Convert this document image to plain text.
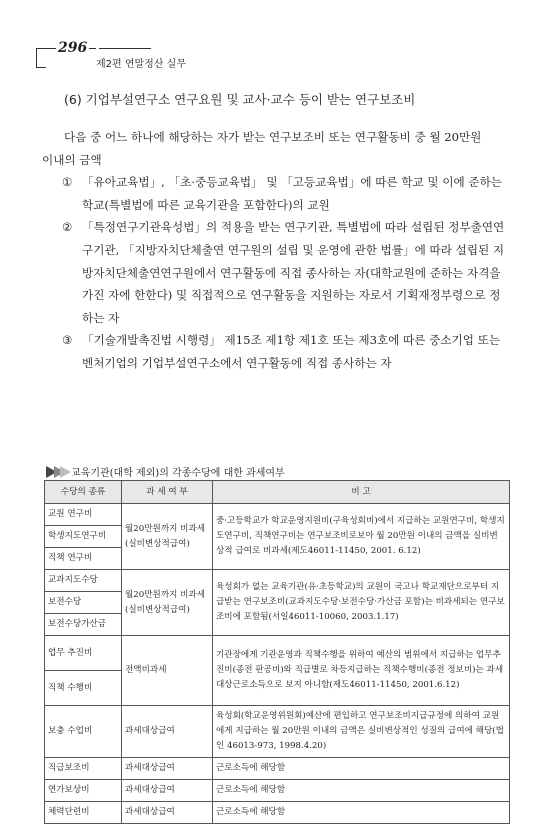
296
제2편 연말정산 실무
(6) 기업부설연구소 연구요원 및 교사·교수 등이 받는 연구보조비

다음 중 어느 하나에 해당하는 자가 받는 연구보조비 또는 연구활동비 중 월 20만원

이내의 금액

① 「유아교육법」, 「초·중등교육법」 및 「고등교육법」에 따른 학교 및 이에 준하는 학교(특별법에 따른 교육기관을 포함한다)의 교원
② 「특정연구기관육성법」의 적용을 받는 연구기관, 특별법에 따라 설립된 정부출연연구기관, 「지방자치단체출연 연구원의 설립 및 운영에 관한 법률」에 따라 설립된 지방자치단체출연연구원에서 연구활동에 직접 종사하는 자(대학교원에 준하는 자격을 가진 자에 한한다) 및 직접적으로 연구활동을 지원하는 자로서 기획재정부령으로 정하는 자
③ 「기술개발촉진법 시행령」 제15조 제1항 제1호 또는 제3호에 따른 중소기업 또는 벤처기업의 기업부설연구소에서 연구활동에 직접 종사하는 자
교육기관(대학 제외)의 각종수당에 대한 과세여부
수당의 종류	과 세 여 부	비 고
교원 연구비	월20만원까지 비과세 (실비변상적급여)	중·고등학교가 학교운영지원비(구육성회비)에서 지급하는 교원연구비, 학생지도연구비, 직책연구비는 연구보조비로보아 월 20만원 이내의 금액을 실비변상적 급여로 비과세(제도46011-11450, 2001. 6.12)
학생지도연구비		
직책 연구비		
교과지도수당	월20만원까지 비과세 (실비변상적급여)	육성회가 없는 교육기관(유·초등학교)의 교원이 국고나 학교재단으로부터 지급받는 연구보조비(교과지도수당·보전수당·가산금 포함)는 비과세되는 연구보조비에 포함됨(서일46011-10060, 2003.1.17)
보전수당		
보전수당가산금		
업무 추진비	전액비과세	기관장에게 기관운영과 직책수행을 위하여 예산의 범위에서 지급하는 업무추진비(종전 판공비)와 직급별로 차등지급하는 직책수행비(종전 정보비)는 과세대상근로소득으로 보지 아니함(제도46011-11450, 2001.6.12)
직책 수행비		
보충 수업비	과세대상급여	육성회(학교운영위원회)예산에 편입하고 연구보조비지급규정에 의하여 교원에게 지급하는 월 20만원 이내의 금액은 실비변상적인 성질의 급여에 해당(법인 46013-973, 1998.4.20)
직급보조비	과세대상급여	근로소득에 해당함
연가보상비	과세대상급여	근로소득에 해당함
체력단련비	과세대상급여	근로소득에 해당함
